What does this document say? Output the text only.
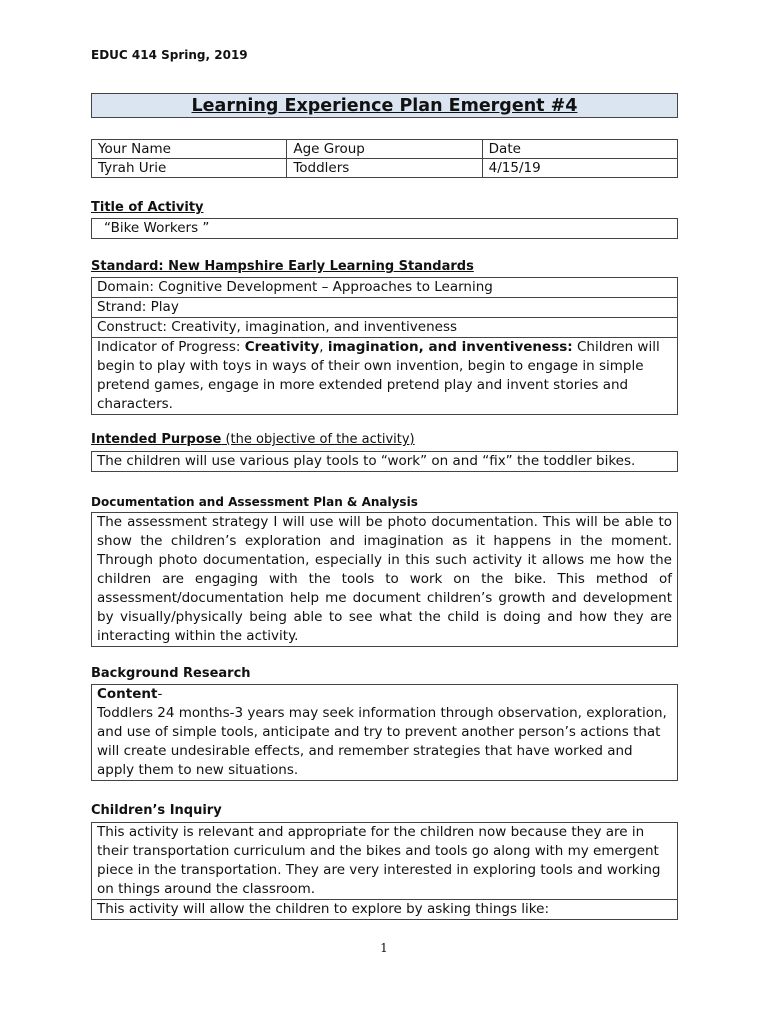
EDUC 414 Spring, 2019
Learning Experience Plan Emergent #4
Your Name	Age Group	Date
Tyrah Urie	Toddlers	4/15/19
Title of Activity
“Bike Workers ”
Standard: New Hampshire Early Learning Standards
Domain: Cognitive Development – Approaches to Learning
Strand: Play
Construct: Creativity, imagination, and inventiveness
Indicator of Progress: Creativity, imagination, and inventiveness: Children will begin to play with toys in ways of their own invention, begin to engage in simple pretend games, engage in more extended pretend play and invent stories and characters.
Intended Purpose (the objective of the activity)
The children will use various play tools to “work” on and “fix” the toddler bikes.
Documentation and Assessment Plan & Analysis
The assessment strategy I will use will be photo documentation. This will be able to show the children’s exploration and imagination as it happens in the moment. Through photo documentation, especially in this such activity it allows me how the children are engaging with the tools to work on the bike. This method of assessment/documentation help me document children’s growth and development by visually/physically being able to see what the child is doing and how they are interacting within the activity.
Background Research
Content-
Toddlers 24 months-3 years may seek information through observation, exploration, and use of simple tools, anticipate and try to prevent another person’s actions that will create undesirable effects, and remember strategies that have worked and apply them to new situations.
Children’s Inquiry
This activity is relevant and appropriate for the children now because they are in their transportation curriculum and the bikes and tools go along with my emergent piece in the transportation. They are very interested in exploring tools and working on things around the classroom.
This activity will allow the children to explore by asking things like:
1
